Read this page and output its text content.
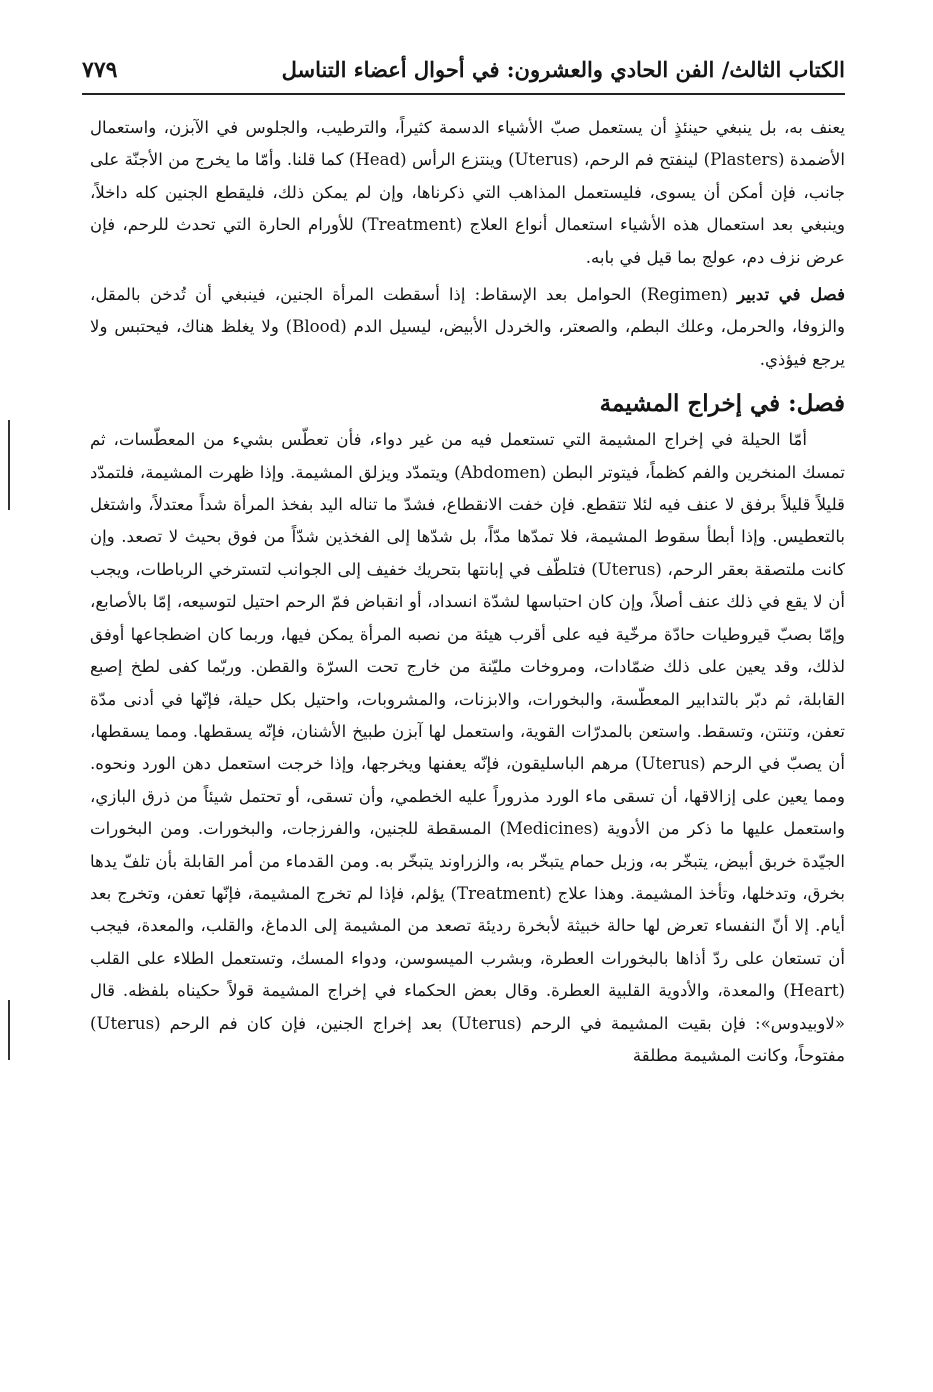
الكتاب الثالث/ الفن الحادي والعشرون: في أحوال أعضاء التناسل
٧٧٩

يعنف به، بل ينبغي حينئذٍ أن يستعمل صبّ الأشياء الدسمة كثيراً، والترطيب، والجلوس في الآبزن، واستعمال الأضمدة (Plasters) لينفتح فم الرحم، (Uterus) وينتزع الرأس (Head) كما قلنا. وأمّا ما يخرج من الأجنّة على جانب، فإن أمكن أن يسوى، فليستعمل المذاهب التي ذكرناها، وإن لم يمكن ذلك، فليقطع الجنين كله داخلاً، وينبغي بعد استعمال هذه الأشياء استعمال أنواع العلاج (Treatment) للأورام الحارة التي تحدث للرحم، فإن عرض نزف دم، عولج بما قيل في بابه.

فصل في تدبير (Regimen) الحوامل بعد الإسقاط: إذا أسقطت المرأة الجنين، فينبغي أن تُدخن بالمقل، والزوفا، والحرمل، وعلك البطم، والصعتر، والخردل الأبيض، ليسيل الدم (Blood) ولا يغلظ هناك، فيحتبس ولا يرجع فيؤذي.

فصل: في إخراج المشيمة

أمّا الحيلة في إخراج المشيمة التي تستعمل فيه من غير دواء، فأن تعطّس بشيء من المعطّسات، ثم تمسك المنخرين والفم كظماً، فيتوتر البطن (Abdomen) ويتمدّد ويزلق المشيمة. وإذا ظهرت المشيمة، فلتمدّد قليلاً قليلاً برفق لا عنف فيه لئلا تتقطع. فإن خفت الانقطاع، فشدّ ما تناله اليد بفخذ المرأة شداً معتدلاً، واشتغل بالتعطيس. وإذا أبطأ سقوط المشيمة، فلا تمدّها مدّاً، بل شدّها إلى الفخذين شدّاً من فوق بحيث لا تصعد. وإن كانت ملتصقة بعقر الرحم، (Uterus) فتلطّف في إبانتها بتحريك خفيف إلى الجوانب لتسترخي الرباطات، ويجب أن لا يقع في ذلك عنف أصلاً، وإن كان احتباسها لشدّة انسداد، أو انقباض فمّ الرحم احتيل لتوسيعه، إمّا بالأصابع، وإمّا بصبّ قيروطيات حادّة مرخّية فيه على أقرب هيئة من نصبه المرأة يمكن فيها، وربما كان اضطجاعها أوفق لذلك، وقد يعين على ذلك ضمّادات، ومروخات مليّنة من خارج تحت السرّة والقطن. وربّما كفى لطخ إصبع القابلة، ثم دبّر بالتدابير المعطّسة، والبخورات، والابزنات، والمشروبات، واحتيل بكل حيلة، فإنّها في أدنى مدّة تعفن، وتنتن، وتسقط. واستعن بالمدرّات القوية، واستعمل لها آبزن طبيخ الأشنان، فإنّه يسقطها. ومما يسقطها، أن يصبّ في الرحم (Uterus) مرهم الباسليقون، فإنّه يعفنها ويخرجها، وإذا خرجت استعمل دهن الورد ونحوه. ومما يعين على إزالاقها، أن تسقى ماء الورد مذروراً عليه الخطمي، وأن تسقى، أو تحتمل شيئاً من ذرق البازي، واستعمل عليها ما ذكر من الأدوية (Medicines) المسقطة للجنين، والفرزجات، والبخورات. ومن البخورات الجيّدة خربق أبيض، يتبخّر به، وزبل حمام يتبخّر به، والزراوند يتبخّر به. ومن القدماء من أمر القابلة بأن تلفّ يدها بخرق، وتدخلها، وتأخذ المشيمة. وهذا علاج (Treatment) يؤلم، فإذا لم تخرج المشيمة، فإنّها تعفن، وتخرج بعد أيام. إلا أنّ النفساء تعرض لها حالة خبيثة لأبخرة رديئة تصعد من المشيمة إلى الدماغ، والقلب، والمعدة، فيجب أن تستعان على ردّ أذاها بالبخورات العطرة، وبشرب الميسوسن، ودواء المسك، وتستعمل الطلاء على القلب (Heart) والمعدة، والأدوية القلبية العطرة. وقال بعض الحكماء في إخراج المشيمة قولاً حكيناه بلفظه. قال «لاوبيدوس»: فإن بقيت المشيمة في الرحم (Uterus) بعد إخراج الجنين، فإن كان فم الرحم (Uterus) مفتوحاً، وكانت المشيمة مطلقة
